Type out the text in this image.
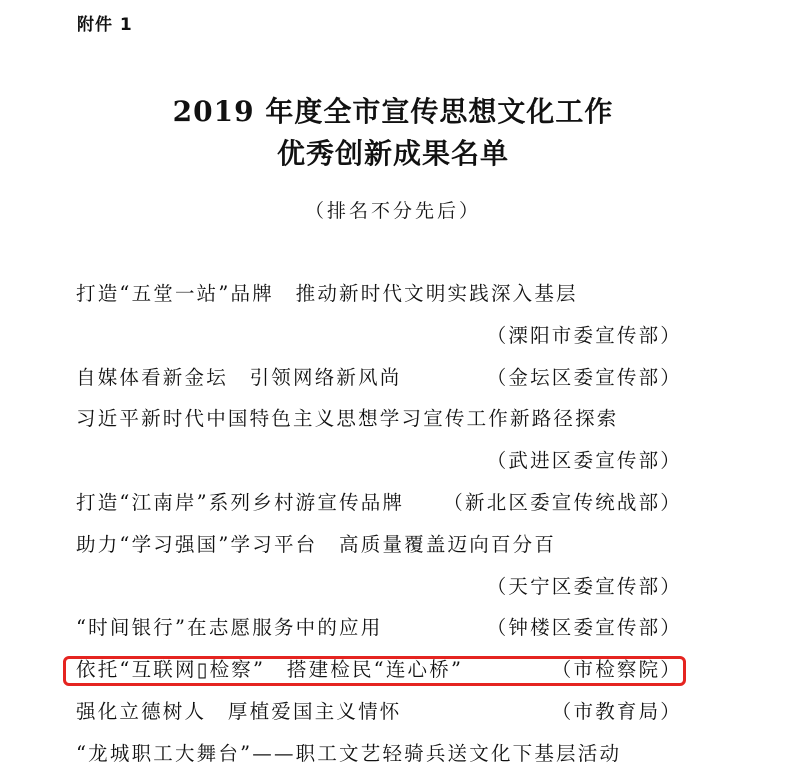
附件 1
2019 年度全市宣传思想文化工作
优秀创新成果名单
（排名不分先后）
打造“五堂一站”品牌　推动新时代文明实践深入基层
（溧阳市委宣传部）
自媒体看新金坛　引领网络新风尚	（金坛区委宣传部）
习近平新时代中国特色主义思想学习宣传工作新路径探索
（武进区委宣传部）
打造“江南岸”系列乡村游宣传品牌 （新北区委宣传统战部）
助力“学习强国”学习平台　高质量覆盖迈向百分百
（天宁区委宣传部）
“时间银行”在志愿服务中的应用	（钟楼区委宣传部）
依托“互联网▯检察”　搭建检民“连心桥”	（市检察院）
强化立德树人　厚植爱国主义情怀	（市教育局）
“龙城职工大舞台”——职工文艺轻骑兵送文化下基层活动
